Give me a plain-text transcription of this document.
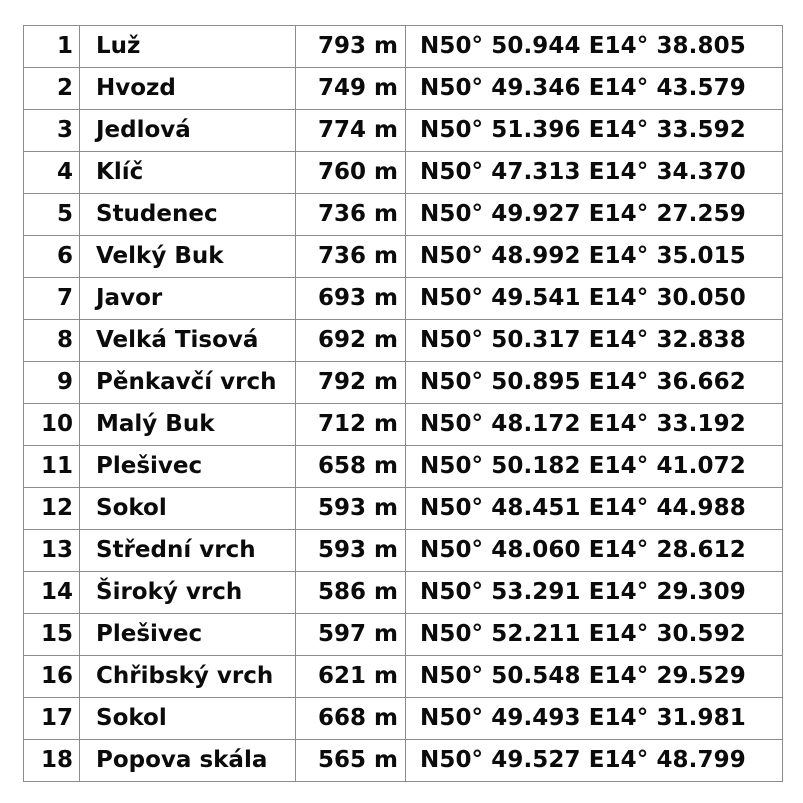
1	Luž	793 m	N50° 50.944 E14° 38.805
2	Hvozd	749 m	N50° 49.346 E14° 43.579
3	Jedlová	774 m	N50° 51.396 E14° 33.592
4	Klíč	760 m	N50° 47.313 E14° 34.370
5	Studenec	736 m	N50° 49.927 E14° 27.259
6	Velký Buk	736 m	N50° 48.992 E14° 35.015
7	Javor	693 m	N50° 49.541 E14° 30.050
8	Velká Tisová	692 m	N50° 50.317 E14° 32.838
9	Pěnkavčí vrch	792 m	N50° 50.895 E14° 36.662
10	Malý Buk	712 m	N50° 48.172 E14° 33.192
11	Plešivec	658 m	N50° 50.182 E14° 41.072
12	Sokol	593 m	N50° 48.451 E14° 44.988
13	Střední vrch	593 m	N50° 48.060 E14° 28.612
14	Široký vrch	586 m	N50° 53.291 E14° 29.309
15	Plešivec	597 m	N50° 52.211 E14° 30.592
16	Chřibský vrch	621 m	N50° 50.548 E14° 29.529
17	Sokol	668 m	N50° 49.493 E14° 31.981
18	Popova skála	565 m	N50° 49.527 E14° 48.799
